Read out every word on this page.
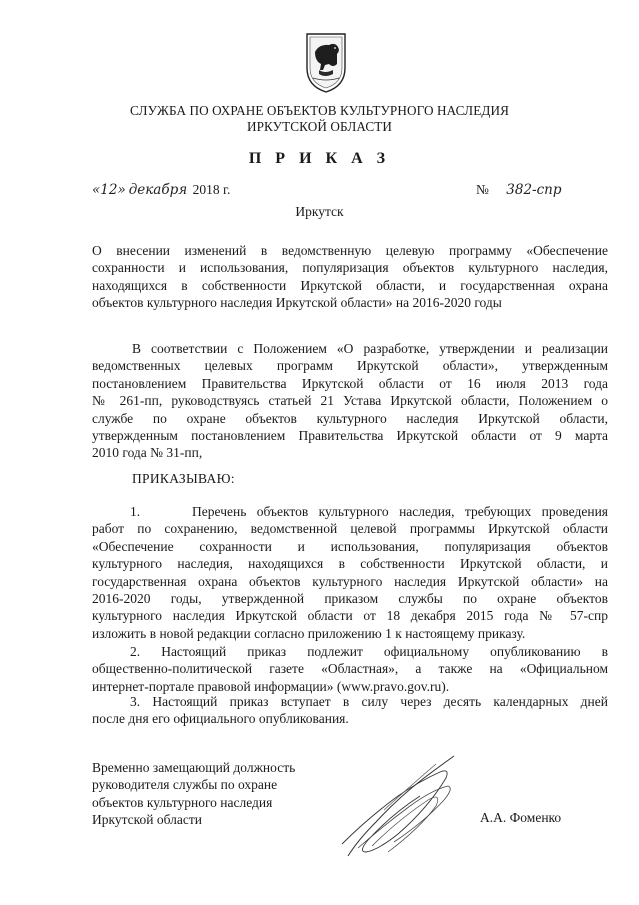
СЛУЖБА ПО ОХРАНЕ ОБЪЕКТОВ КУЛЬТУРНОГО НАСЛЕДИЯ
ИРКУТСКОЙ ОБЛАСТИ
П Р И К А З
«12» декабря 2018 г.	№ 382-спр
Иркутск
О внесении изменений в ведомственную целевую программу «Обеспечение
сохранности и использования, популяризация объектов культурного наследия,
находящихся в собственности Иркутской области, и государственная охрана
объектов культурного наследия Иркутской области» на 2016-2020 годы
В соответствии с Положением «О разработке, утверждении и реализации
ведомственных целевых программ Иркутской области», утвержденным
постановлением Правительства Иркутской области от 16 июля 2013 года
№ 261-пп, руководствуясь статьей 21 Устава Иркутской области, Положением о
службе по охране объектов культурного наследия Иркутской области,
утвержденным постановлением Правительства Иркутской области от 9 марта
2010 года № 31-пп,
ПРИКАЗЫВАЮ:
1.     Перечень объектов культурного наследия, требующих проведения
работ по сохранению, ведомственной целевой программы Иркутской области
«Обеспечение сохранности и использования, популяризация объектов
культурного наследия, находящихся в собственности Иркутской области, и
государственная охрана объектов культурного наследия Иркутской области» на
2016-2020 годы, утвержденной приказом службы по охране объектов
культурного наследия Иркутской области от 18 декабря 2015 года № 57-спр
изложить в новой редакции согласно приложению 1 к настоящему приказу.
2. Настоящий приказ подлежит официальному опубликованию в
общественно-политической газете «Областная», а также на «Официальном
интернет-портале правовой информации» (www.pravo.gov.ru).
3. Настоящий приказ вступает в силу через десять календарных дней
после дня его официального опубликования.
Временно замещающий должность
руководителя службы по охране
объектов культурного наследия
Иркутской области	А.А. Фоменко
